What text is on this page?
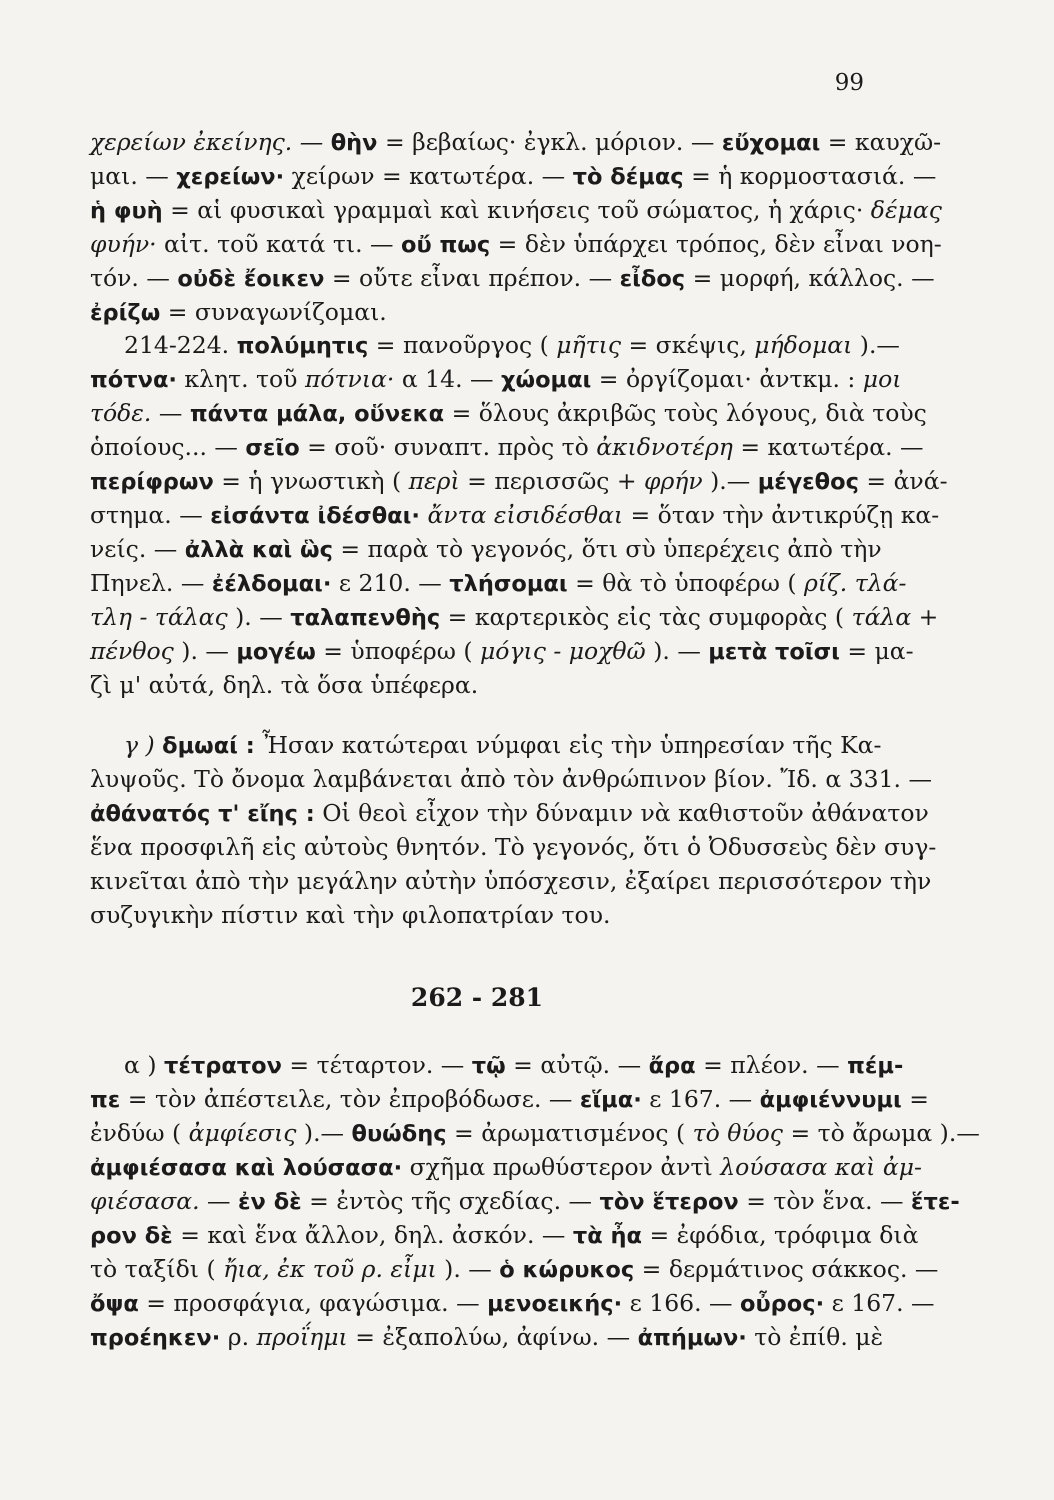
99
χερείων ἐκείνης. — θὴν = βεβαίως· ἐγκλ. μόριον. — εὔχομαι = καυχῶ-
μαι. — χερείων· χείρων = κατωτέρα. — τὸ δέμας = ἡ κορμοστασιά. —
ἡ φυὴ = αἱ φυσικαὶ γραμμαὶ καὶ κινήσεις τοῦ σώματος, ἡ χάρις· δέμας
φυήν· αἰτ. τοῦ κατά τι. — οὔ πως = δὲν ὑπάρχει τρόπος, δὲν εἶναι νοη-
τόν. — οὐδὲ ἔοικεν = οὔτε εἶναι πρέπον. — εἶδος = μορφή, κάλλος. —
ἐρίζω = συναγωνίζομαι.
214-224. πολύμητις = πανοῦργος ( μῆτις = σκέψις, μήδομαι ).—
πότνα· κλητ. τοῦ πότνια· α 14. — χώομαι = ὀργίζομαι· ἀντκμ. : μοι
τόδε. — πάντα μάλα, οὕνεκα = ὅλους ἀκριβῶς τοὺς λόγους, διὰ τοὺς
ὁποίους... — σεῖο = σοῦ· συναπτ. πρὸς τὸ ἀκιδνοτέρη = κατωτέρα. —
περίφρων = ἡ γνωστικὴ ( περὶ = περισσῶς + φρήν ).— μέγεθος = ἀνά-
στημα. — εἰσάντα ἰδέσθαι· ἄντα εἰσιδέσθαι = ὅταν τὴν ἀντικρύζῃ κα-
νείς. — ἀλλὰ καὶ ὣς = παρὰ τὸ γεγονός, ὅτι σὺ ὑπερέχεις ἀπὸ τὴν
Πηνελ. — ἐέλδομαι· ε 210. — τλήσομαι = θὰ τὸ ὑποφέρω ( ρίζ. τλά-
τλη - τάλας ). — ταλαπενθὴς = καρτερικὸς εἰς τὰς συμφορὰς ( τάλα +
πένθος ). — μογέω = ὑποφέρω ( μόγις - μοχθῶ ). — μετὰ τοῖσι = μα-
ζὶ μ' αὐτά, δηλ. τὰ ὅσα ὑπέφερα.
γ ) δμωαί : Ἦσαν κατώτεραι νύμφαι εἰς τὴν ὑπηρεσίαν τῆς Κα-
λυψοῦς. Τὸ ὄνομα λαμβάνεται ἀπὸ τὸν ἀνθρώπινον βίον. Ἴδ. α 331. —
ἀθάνατός τ' εἴης : Οἱ θεοὶ εἶχον τὴν δύναμιν νὰ καθιστοῦν ἀθάνατον
ἕνα προσφιλῆ εἰς αὐτοὺς θνητόν. Τὸ γεγονός, ὅτι ὁ Ὀδυσσεὺς δὲν συγ-
κινεῖται ἀπὸ τὴν μεγάλην αὐτὴν ὑπόσχεσιν, ἐξαίρει περισσότερον τὴν
συζυγικὴν πίστιν καὶ τὴν φιλοπατρίαν του.
α ) τέτρατον = τέταρτον. — τῷ = αὐτῷ. — ἄρα = πλέον. — πέμ-
πε = τὸν ἀπέστειλε, τὸν ἐπροβόδωσε. — εἵμα· ε 167. — ἀμφιέννυμι =
ἐνδύω ( ἀμφίεσις ).— θυώδης = ἀρωματισμένος ( τὸ θύος = τὸ ἄρωμα ).—
ἀμφιέσασα καὶ λούσασα· σχῆμα πρωθύστερον ἀντὶ λούσασα καὶ ἀμ-
φιέσασα. — ἐν δὲ = ἐντὸς τῆς σχεδίας. — τὸν ἕτερον = τὸν ἕνα. — ἕτε-
ρον δὲ = καὶ ἕνα ἄλλον, δηλ. ἀσκόν. — τὰ ἦα = ἐφόδια, τρόφιμα διὰ
τὸ ταξίδι ( ἤια, ἐκ τοῦ ρ. εἶμι ). — ὁ κώρυκος = δερμάτινος σάκκος. —
ὄψα = προσφάγια, φαγώσιμα. — μενοεικής· ε 166. — οὖρος· ε 167. —
προέηκεν· ρ. προΐημι = ἐξαπολύω, ἀφίνω. — ἀπήμων· τὸ ἐπίθ. μὲ
262 - 281
